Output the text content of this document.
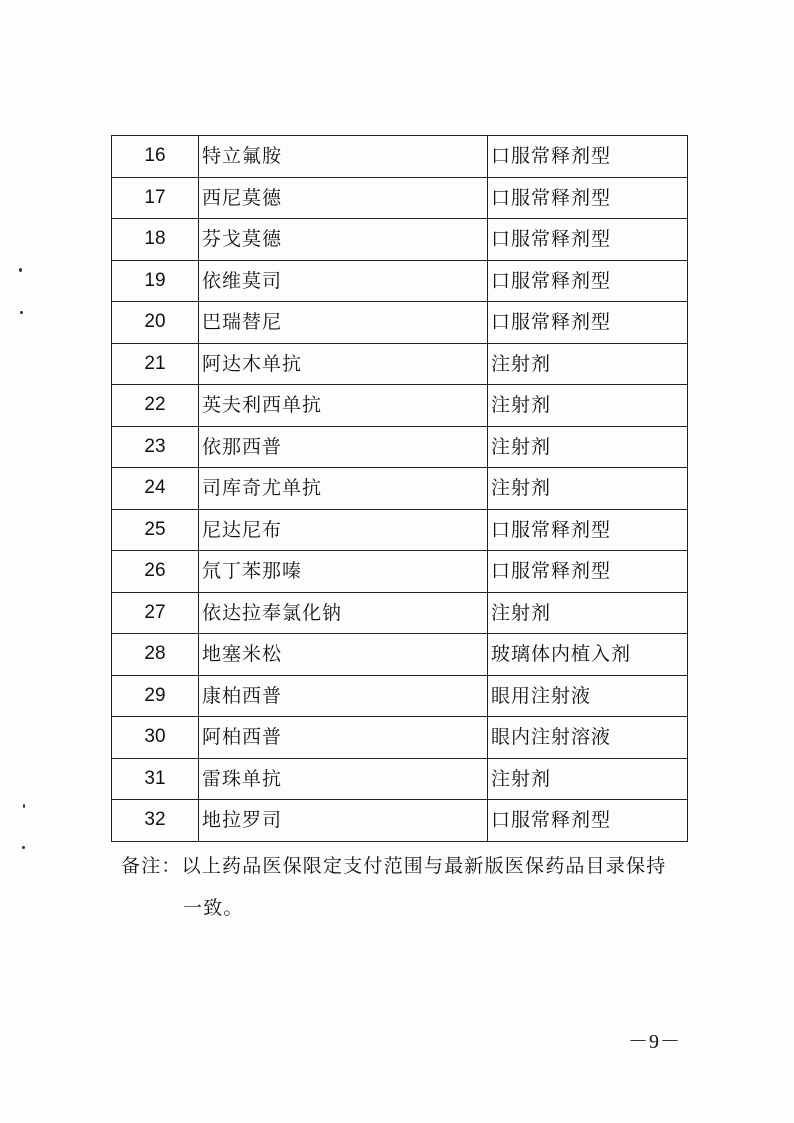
16	特立氟胺	口服常释剂型
17	西尼莫德	口服常释剂型
18	芬戈莫德	口服常释剂型
19	依维莫司	口服常释剂型
20	巴瑞替尼	口服常释剂型
21	阿达木单抗	注射剂
22	英夫利西单抗	注射剂
23	依那西普	注射剂
24	司库奇尤单抗	注射剂
25	尼达尼布	口服常释剂型
26	氘丁苯那嗪	口服常释剂型
27	依达拉奉氯化钠	注射剂
28	地塞米松	玻璃体内植入剂
29	康柏西普	眼用注射液
30	阿柏西普	眼内注射溶液
31	雷珠单抗	注射剂
32	地拉罗司	口服常释剂型
备注：以上药品医保限定支付范围与最新版医保药品目录保持
一致。
－9－
